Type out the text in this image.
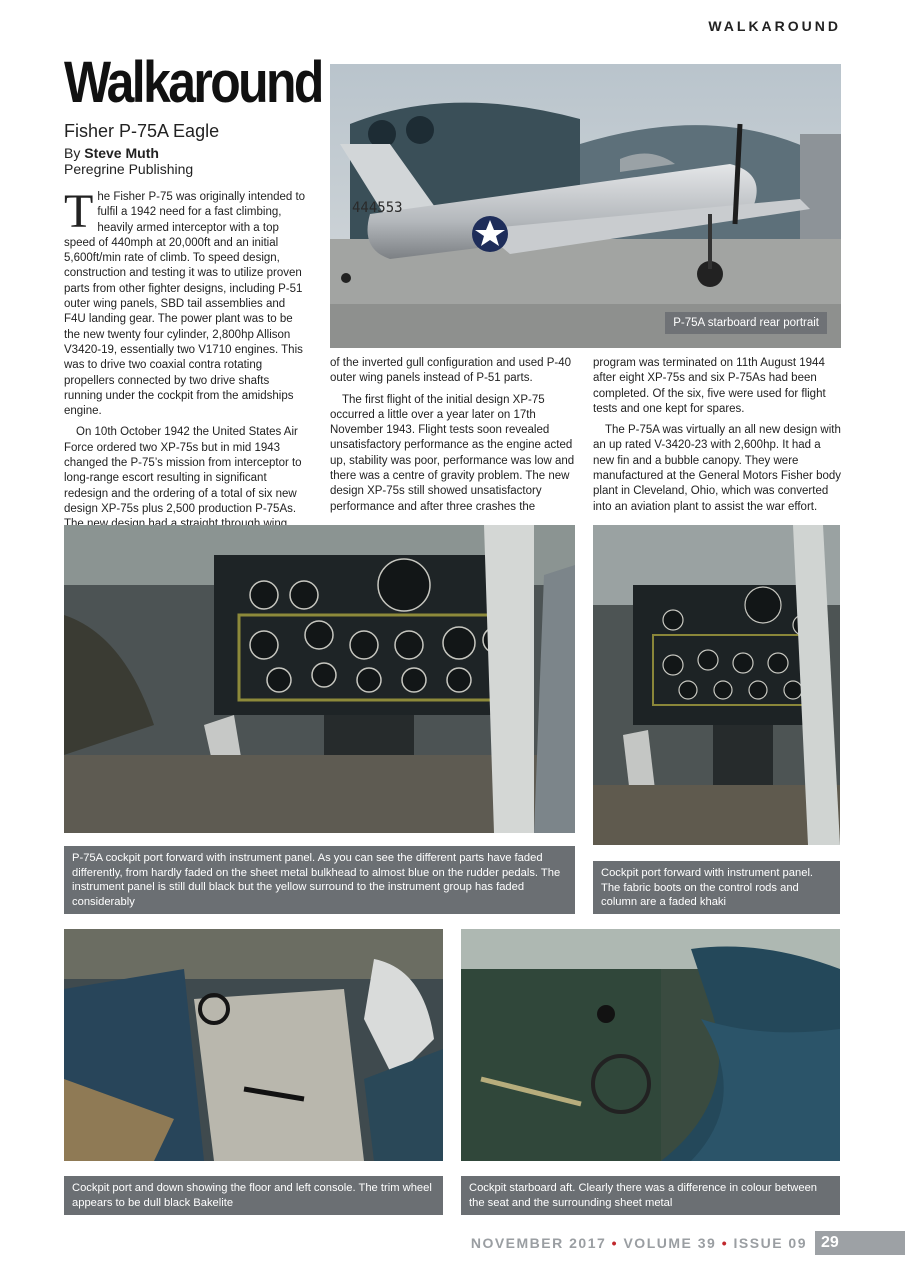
WALKAROUND
Walkaround
Fisher P-75A Eagle
By Steve Muth
Peregrine Publishing

The Fisher P-75 was originally intended to fulfil a 1942 need for a fast climbing, heavily armed interceptor with a top speed of 440mph at 20,000ft and an initial 5,600ft/min rate of climb. To speed design, construction and testing it was to utilize proven parts from other fighter designs, including P-51 outer wing panels, SBD tail assemblies and F4U landing gear. The power plant was to be the new twenty four cylinder, 2,800hp Allison V3420-19, essentially two V1710 engines. This was to drive two coaxial contra rotating propellers connected by two drive shafts running under the cockpit from the amidships engine.

On 10th October 1942 the United States Air Force ordered two XP-75s but in mid 1943 changed the P-75’s mission from interceptor to long-range escort resulting in significant redesign and the ordering of a total of six new design XP-75s plus 2,500 production P-75As.

444553
P-75A starboard rear portrait

of the inverted gull configuration and used P-40 outer wing panels instead of P-51 parts.

The first flight of the initial design XP-75 occurred a little over a year later on 17th November 1943. Flight tests soon revealed unsatisfactory performance as the engine acted up, stability was poor, performance was low and there was a centre of gravity problem. The new design XP-75s still showed unsatisfactory performance and after three crashes the

program was terminated on 11th August 1944 after eight XP-75s and six P-75As had been completed. Of the six, five were used for flight tests and one kept for spares.

The P-75A was virtually an all new design with an up rated V-3420-23 with 2,600hp. It had a new fin and a bubble canopy. They were manufactured at the General Motors Fisher body plant in Cleveland, Ohio, which was converted into an aviation plant to assist the war effort.

P-75A cockpit port forward with instrument panel. As you can see the different parts have faded differently, from hardly faded on the sheet metal bulkhead to almost blue on the rudder pedals. The instrument panel is still dull black but the yellow surround to the instrument group has faded considerably
Cockpit port forward with instrument panel. The fabric boots on the control rods and column are a faded khaki
Cockpit port and down showing the floor and left console. The trim wheel appears to be dull black Bakelite
Cockpit starboard aft. Clearly there was a difference in colour between the seat and the surrounding sheet metal
NOVEMBER 2017 • VOLUME 39 • ISSUE 09 29
